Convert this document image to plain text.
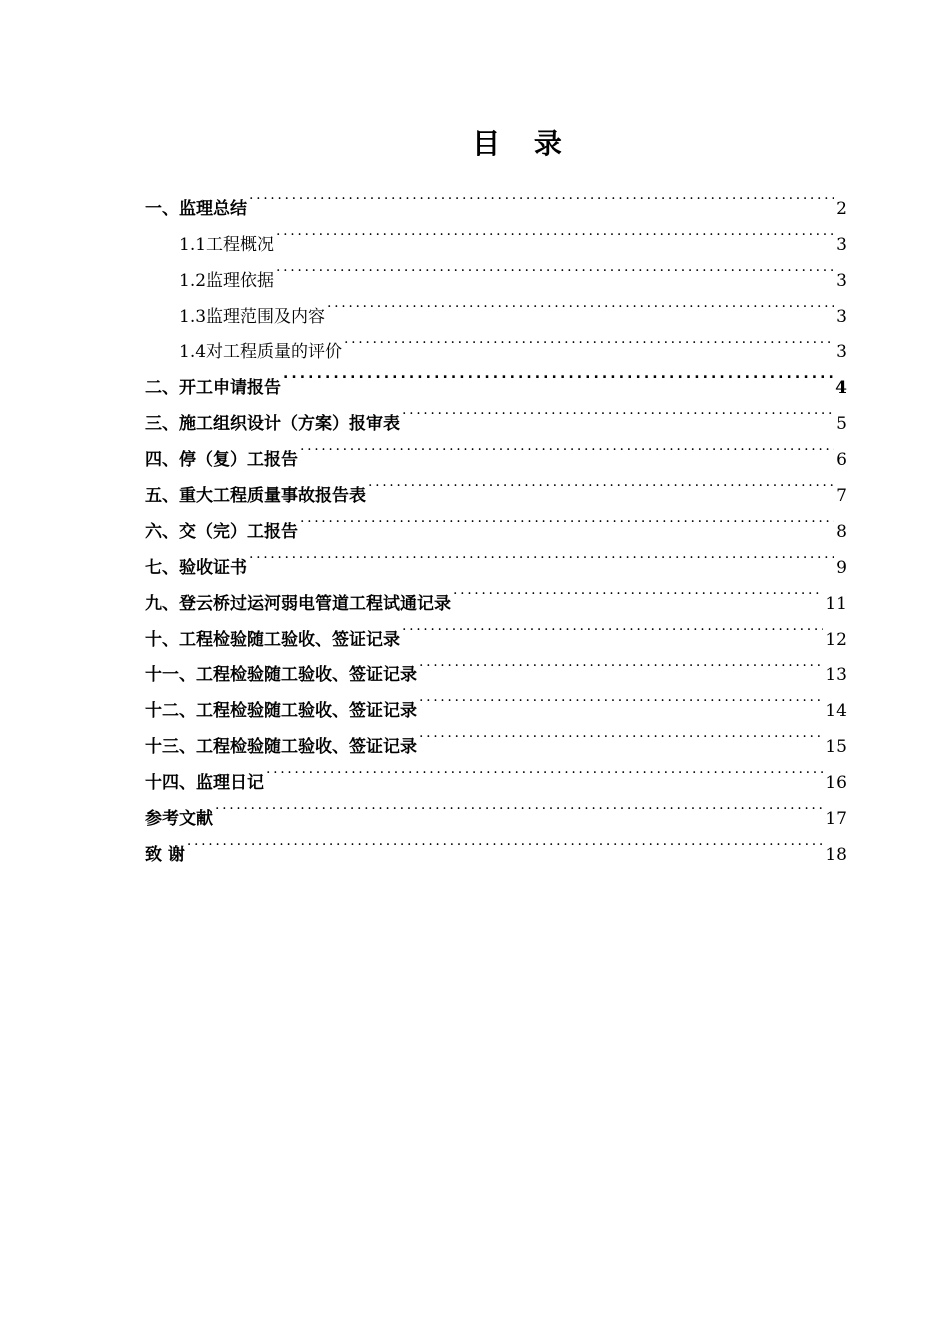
目 录
一、监理总结 . . .	2
1.1工程概况 . . .	3
1.2监理依据 . . .	3
1.3监理范围及内容 . . .	3
1.4对工程质量的评价 . . .	3
二、开工申请报告 . . .	4
三、施工组织设计（方案）报审表 . . .	5
四、停（复）工报告 . . .	6
五、重大工程质量事故报告表 . . .	7
六、交（完）工报告 . . .	8
七、验收证书 . . .	9
九、登云桥过运河弱电管道工程试通记录 . . .	11
十、工程检验随工验收、签证记录 . . .	12
十一、工程检验随工验收、签证记录 . . .	13
十二、工程检验随工验收、签证记录 . . .	14
十三、工程检验随工验收、签证记录 . . .	15
十四、监理日记 . . .	16
参考文献 . . .	17
致 谢 . . .	18
